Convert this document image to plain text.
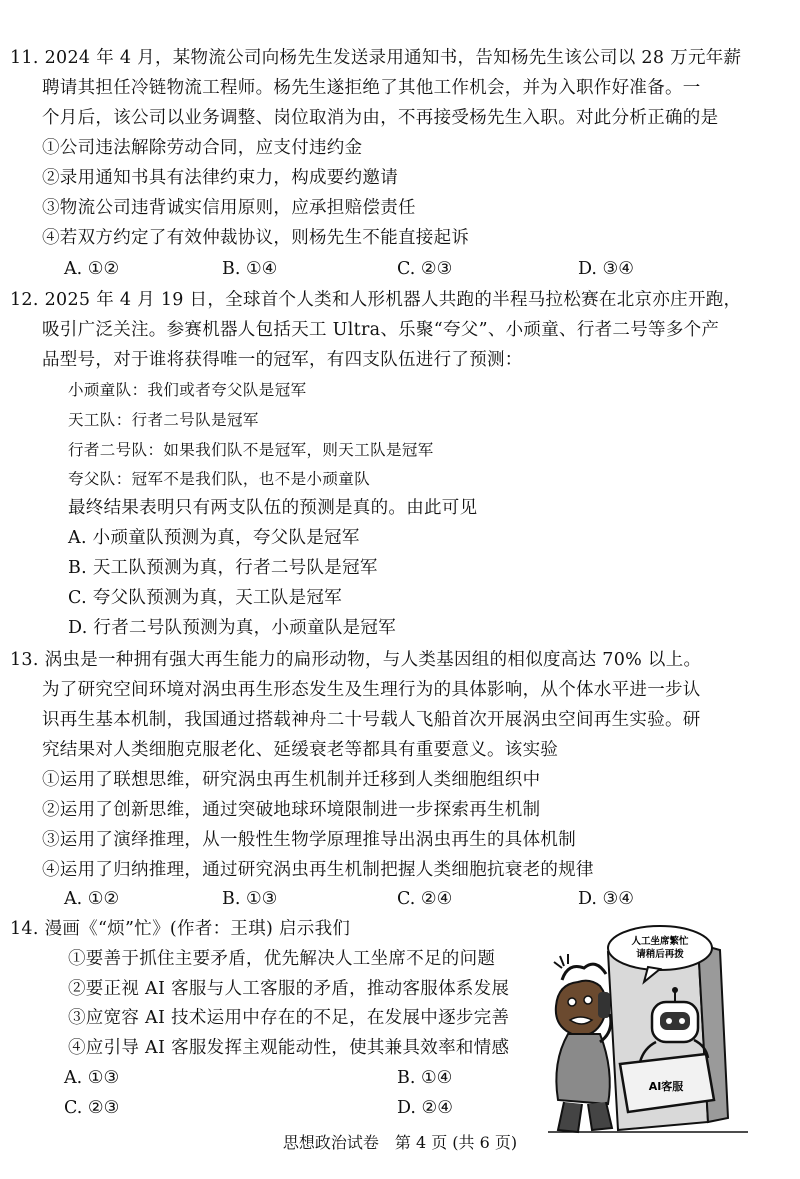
11. 2024 年 4 月，某物流公司向杨先生发送录用通知书，告知杨先生该公司以 28 万元年薪
聘请其担任冷链物流工程师。杨先生遂拒绝了其他工作机会，并为入职作好准备。一
个月后，该公司以业务调整、岗位取消为由，不再接受杨先生入职。对此分析正确的是
①公司违法解除劳动合同，应支付违约金
②录用通知书具有法律约束力，构成要约邀请
③物流公司违背诚实信用原则，应承担赔偿责任
④若双方约定了有效仲裁协议，则杨先生不能直接起诉
A. ①②	B. ①④	C. ②③	D. ③④
12. 2025 年 4 月 19 日，全球首个人类和人形机器人共跑的半程马拉松赛在北京亦庄开跑，
吸引广泛关注。参赛机器人包括天工 Ultra、乐聚“夸父”、小顽童、行者二号等多个产
品型号，对于谁将获得唯一的冠军，有四支队伍进行了预测：
小顽童队：我们或者夸父队是冠军
天工队：行者二号队是冠军
行者二号队：如果我们队不是冠军，则天工队是冠军
夸父队：冠军不是我们队，也不是小顽童队
最终结果表明只有两支队伍的预测是真的。由此可见
A. 小顽童队预测为真，夸父队是冠军
B. 天工队预测为真，行者二号队是冠军
C. 夸父队预测为真，天工队是冠军
D. 行者二号队预测为真，小顽童队是冠军
13. 涡虫是一种拥有强大再生能力的扁形动物，与人类基因组的相似度高达 70% 以上。
为了研究空间环境对涡虫再生形态发生及生理行为的具体影响，从个体水平进一步认
识再生基本机制，我国通过搭载神舟二十号载人飞船首次开展涡虫空间再生实验。研
究结果对人类细胞克服老化、延缓衰老等都具有重要意义。该实验
①运用了联想思维，研究涡虫再生机制并迁移到人类细胞组织中
②运用了创新思维，通过突破地球环境限制进一步探索再生机制
③运用了演绎推理，从一般性生物学原理推导出涡虫再生的具体机制
④运用了归纳推理，通过研究涡虫再生机制把握人类细胞抗衰老的规律
A. ①②	B. ①③	C. ②④	D. ③④
14. 漫画《“烦”忙》(作者：王琪) 启示我们
①要善于抓住主要矛盾，优先解决人工坐席不足的问题
②要正视 AI 客服与人工客服的矛盾，推动客服体系发展
③应宽容 AI 技术运用中存在的不足，在发展中逐步完善
④应引导 AI 客服发挥主观能动性，使其兼具效率和情感
A. ①③	B. ①④
C. ②③	D. ②④
人工坐席繁忙
请稍后再拨
AI客服
思想政治试卷　第 4 页 (共 6 页)
